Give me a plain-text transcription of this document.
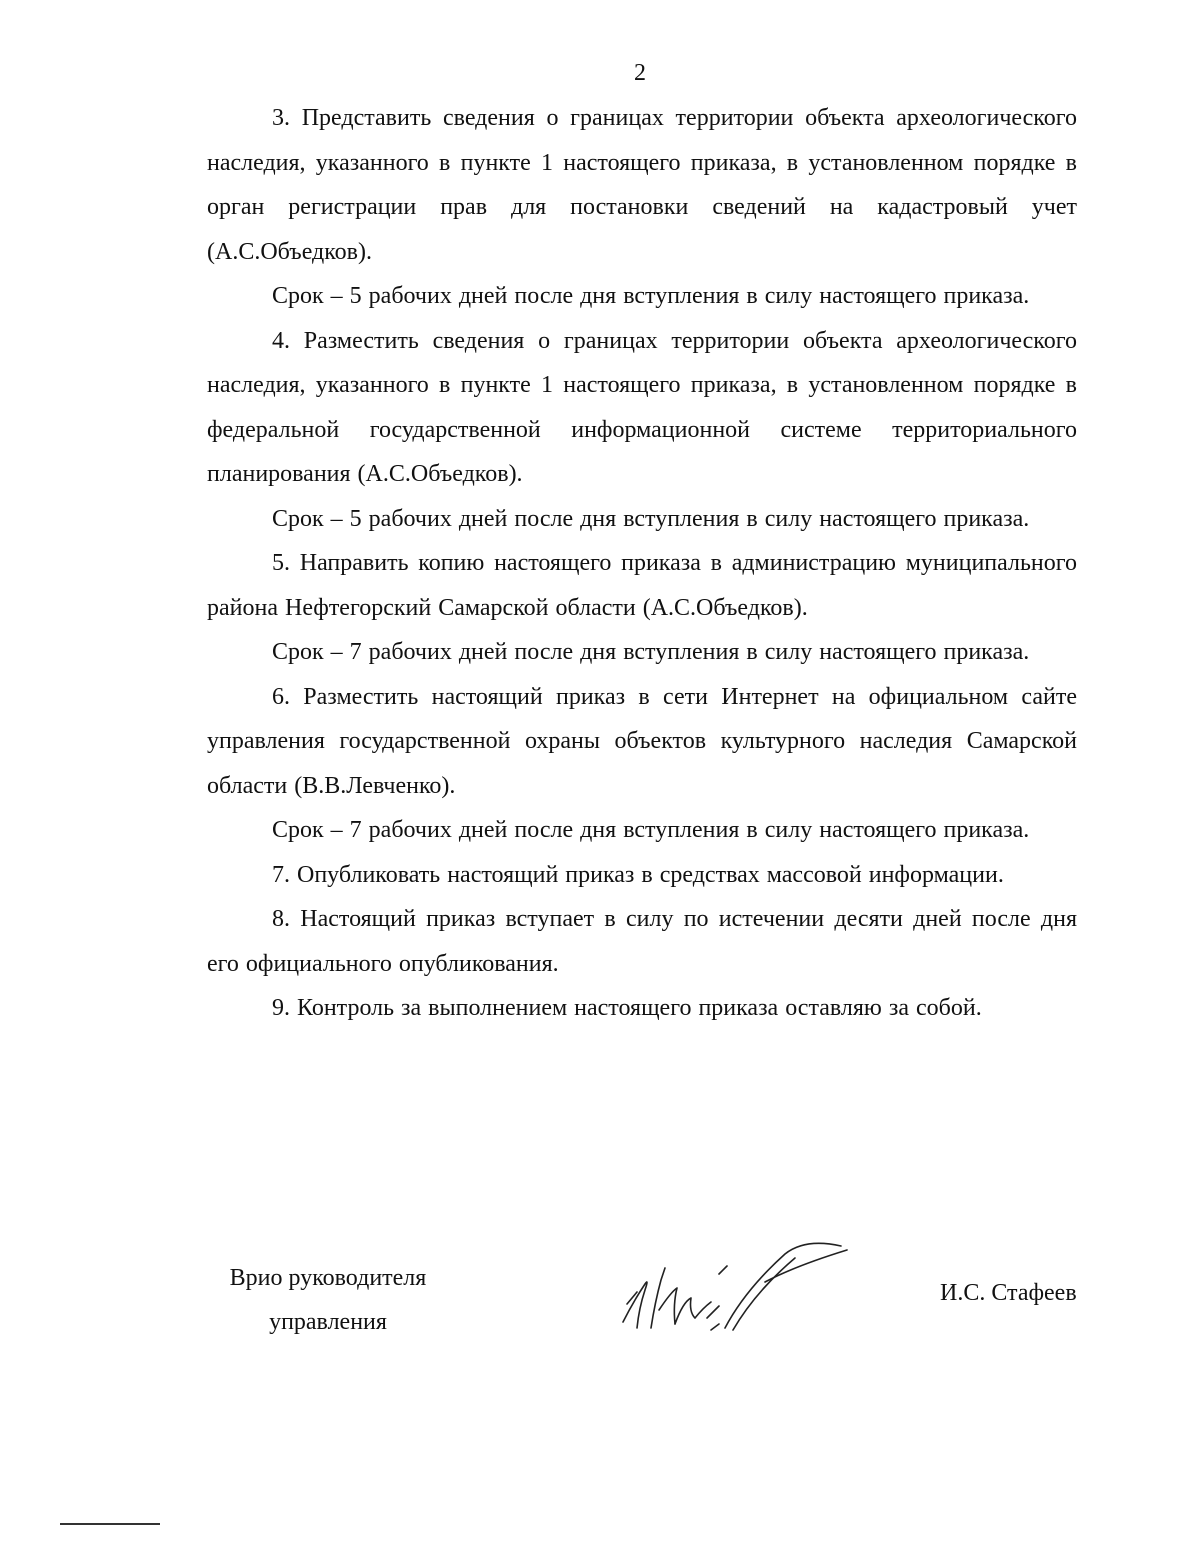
2

3. Представить сведения о границах территории объекта археологического наследия, указанного в пункте 1 настоящего приказа, в установленном порядке в орган регистрации прав для постановки сведений на кадастровый учет (А.С.Объедков).

Срок – 5 рабочих дней после дня вступления в силу настоящего приказа.

4. Разместить сведения о границах территории объекта археологического наследия, указанного в пункте 1 настоящего приказа, в установленном порядке в федеральной государственной информационной системе территориального планирования (А.С.Объедков).

Срок – 5 рабочих дней после дня вступления в силу настоящего приказа.

5. Направить копию настоящего приказа в администрацию муниципального района Нефтегорский Самарской области (А.С.Объедков).

Срок – 7 рабочих дней после дня вступления в силу настоящего приказа.

6. Разместить настоящий приказ в сети Интернет на официальном сайте управления государственной охраны объектов культурного наследия Самарской области (В.В.Левченко).

Срок – 7 рабочих дней после дня вступления в силу настоящего приказа.

7. Опубликовать настоящий приказ в средствах массовой информации.

8. Настоящий приказ вступает в силу по истечении десяти дней после дня его официального опубликования.

9. Контроль за выполнением настоящего приказа оставляю за собой.

Врио руководителя
управления
И.С. Стафеев
